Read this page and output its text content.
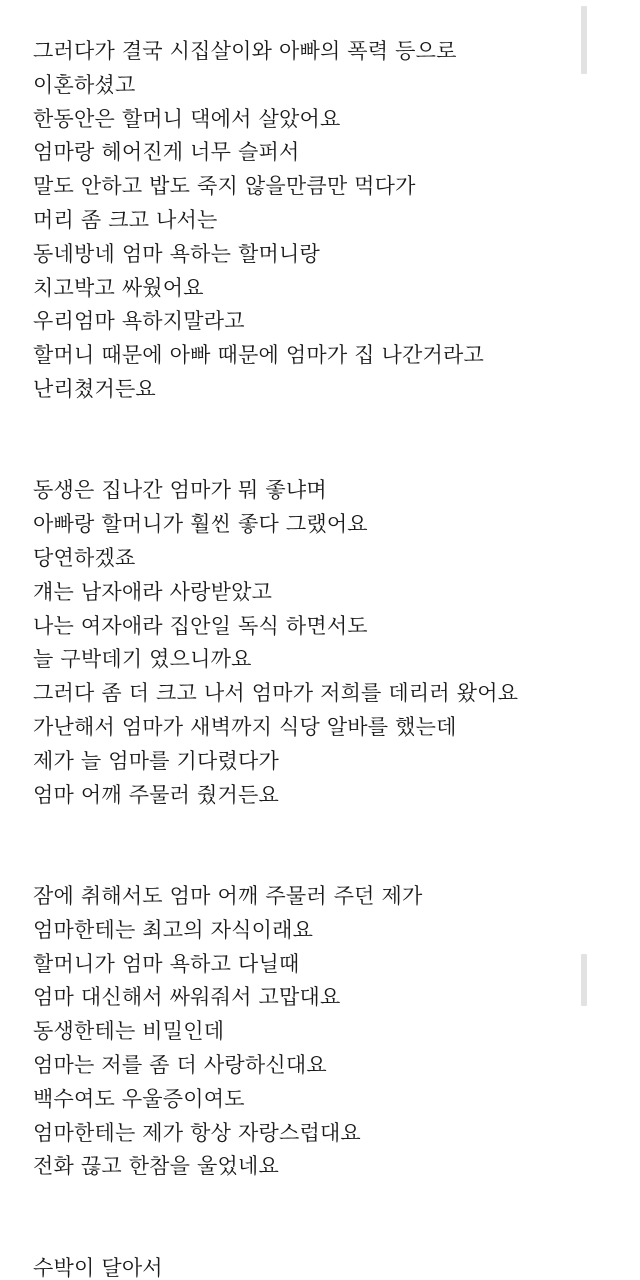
그러다가 결국 시집살이와 아빠의 폭력 등으로
이혼하셨고
한동안은 할머니 댁에서 살았어요
엄마랑 헤어진게 너무 슬퍼서
말도 안하고 밥도 죽지 않을만큼만 먹다가
머리 좀 크고 나서는
동네방네 엄마 욕하는 할머니랑
치고박고 싸웠어요
우리엄마 욕하지말라고
할머니 때문에 아빠 때문에 엄마가 집 나간거라고
난리쳤거든요
동생은 집나간 엄마가 뭐 좋냐며
아빠랑 할머니가 훨씬 좋다 그랬어요
당연하겠죠
걔는 남자애라 사랑받았고
나는 여자애라 집안일 독식 하면서도
늘 구박데기 였으니까요
그러다 좀 더 크고 나서 엄마가 저희를 데리러 왔어요
가난해서 엄마가 새벽까지 식당 알바를 했는데
제가 늘 엄마를 기다렸다가
엄마 어깨 주물러 줬거든요
잠에 취해서도 엄마 어깨 주물러 주던 제가
엄마한테는 최고의 자식이래요
할머니가 엄마 욕하고 다닐때
엄마 대신해서 싸워줘서 고맙대요
동생한테는 비밀인데
엄마는 저를 좀 더 사랑하신대요
백수여도 우울증이여도
엄마한테는 제가 항상 자랑스럽대요
전화 끊고 한참을 울었네요
수박이 달아서
